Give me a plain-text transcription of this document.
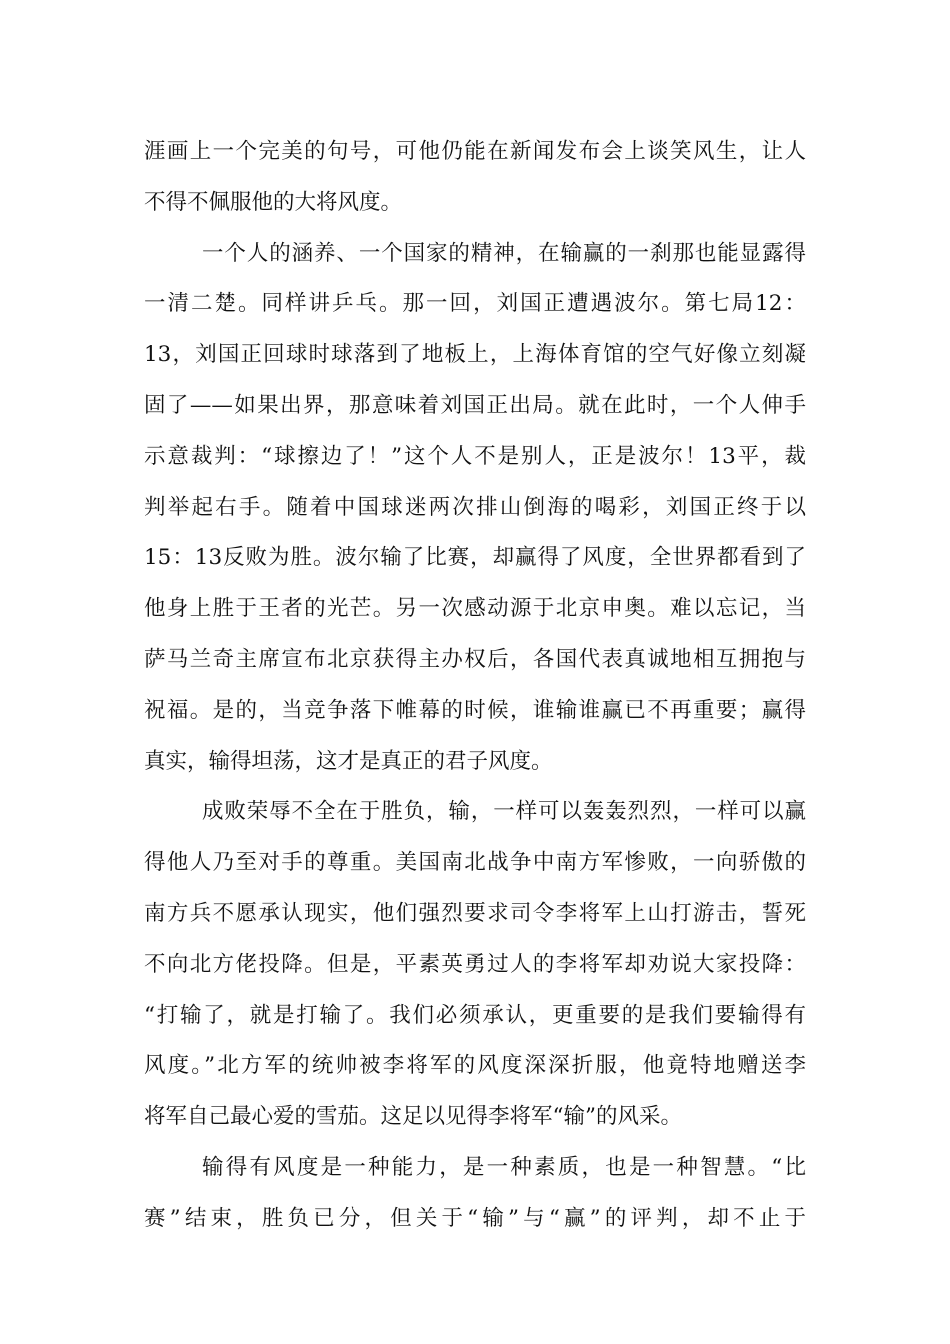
涯画上一个完美的句号，可他仍能在新闻发布会上谈笑风生，让人
不得不佩服他的大将风度。
一个人的涵养、一个国家的精神，在输赢的一刹那也能显露得
一清二楚。同样讲乒乓。那一回，刘国正遭遇波尔。第七局12：
13，刘国正回球时球落到了地板上，上海体育馆的空气好像立刻凝
固了——如果出界，那意味着刘国正出局。就在此时，一个人伸手
示意裁判：“球擦边了！”这个人不是别人，正是波尔！13平，裁
判举起右手。随着中国球迷两次排山倒海的喝彩，刘国正终于以
15：13反败为胜。波尔输了比赛，却赢得了风度，全世界都看到了
他身上胜于王者的光芒。另一次感动源于北京申奥。难以忘记，当
萨马兰奇主席宣布北京获得主办权后，各国代表真诚地相互拥抱与
祝福。是的，当竞争落下帷幕的时候，谁输谁赢已不再重要；赢得
真实，输得坦荡，这才是真正的君子风度。
成败荣辱不全在于胜负，输，一样可以轰轰烈烈，一样可以赢
得他人乃至对手的尊重。美国南北战争中南方军惨败，一向骄傲的
南方兵不愿承认现实，他们强烈要求司令李将军上山打游击，誓死
不向北方佬投降。但是，平素英勇过人的李将军却劝说大家投降：
“打输了，就是打输了。我们必须承认，更重要的是我们要输得有
风度。”北方军的统帅被李将军的风度深深折服，他竟特地赠送李
将军自己最心爱的雪茄。这足以见得李将军“输”的风采。
输得有风度是一种能力，是一种素质，也是一种智慧。“比
赛”结束，胜负已分，但关于“输”与“赢”的评判，却不止于
